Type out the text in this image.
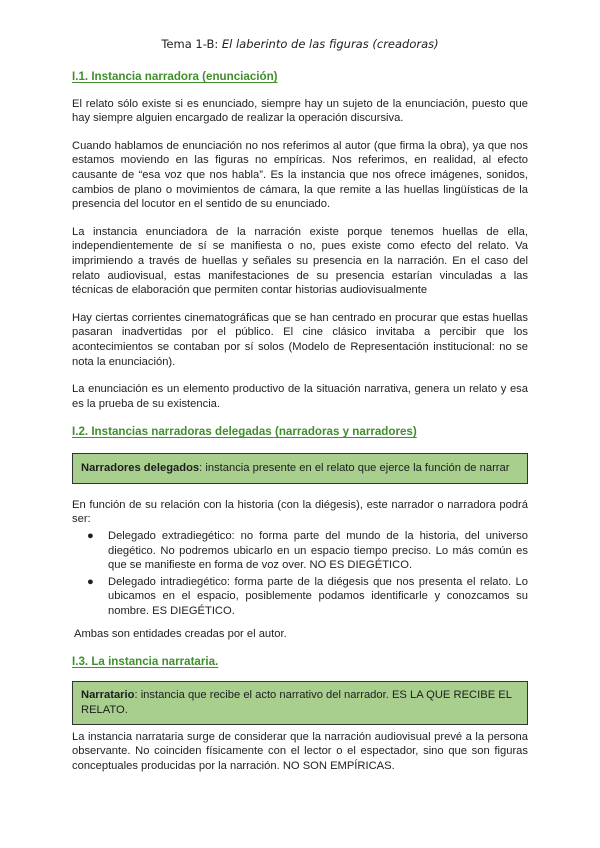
Tema 1-B: El laberinto de las figuras (creadoras)
I.1. Instancia narradora (enunciación)

El relato sólo existe si es enunciado, siempre hay un sujeto de la enunciación, puesto que hay siempre alguien encargado de realizar la operación discursiva.

Cuando hablamos de enunciación no nos referimos al autor (que firma la obra), ya que nos estamos moviendo en las figuras no empíricas. Nos referimos, en realidad, al efecto causante de “esa voz que nos habla”. Es la instancia que nos ofrece imágenes, sonidos, cambios de plano o movimientos de cámara, la que remite a las huellas lingüísticas de la presencia del locutor en el sentido de su enunciado.

La instancia enunciadora de la narración existe porque tenemos huellas de ella, independientemente de sí se manifiesta o no, pues existe como efecto del relato. Va imprimiendo a través de huellas y señales su presencia en la narración. En el caso del relato audiovisual, estas manifestaciones de su presencia estarían vinculadas a las técnicas de elaboración que permiten contar historias audiovisualmente

Hay ciertas corrientes cinematográficas que se han centrado en procurar que estas huellas pasaran inadvertidas por el público. El cine clásico invitaba a percibir que los acontecimientos se contaban por sí solos (Modelo de Representación institucional: no se nota la enunciación).

La enunciación es un elemento productivo de la situación narrativa, genera un relato y esa es la prueba de su existencia.

I.2. Instancias narradoras delegadas (narradoras y narradores)
Narradores delegados: instancia presente en el relato que ejerce la función de narrar

En función de su relación con la historia (con la diégesis), este narrador o narradora podrá ser:

● Delegado extradiegético: no forma parte del mundo de la historia, del universo diegético. No podremos ubicarlo en un espacio tiempo preciso. Lo más común es que se manifieste en forma de voz over. NO ES DIEGÉTICO.
● Delegado intradiegético: forma parte de la diégesis que nos presenta el relato. Lo ubicamos en el espacio, posiblemente podamos identificarle y conozcamos su nombre. ES DIEGÉTICO.

Ambas son entidades creadas por el autor.

I.3. La instancia narrataria.
Narratario: instancia que recibe el acto narrativo del narrador. ES LA QUE RECIBE EL RELATO.

La instancia narrataria surge de considerar que la narración audiovisual prevé a la persona observante. No coinciden físicamente con el lector o el espectador, sino que son figuras conceptuales producidas por la narración. NO SON EMPÍRICAS.
